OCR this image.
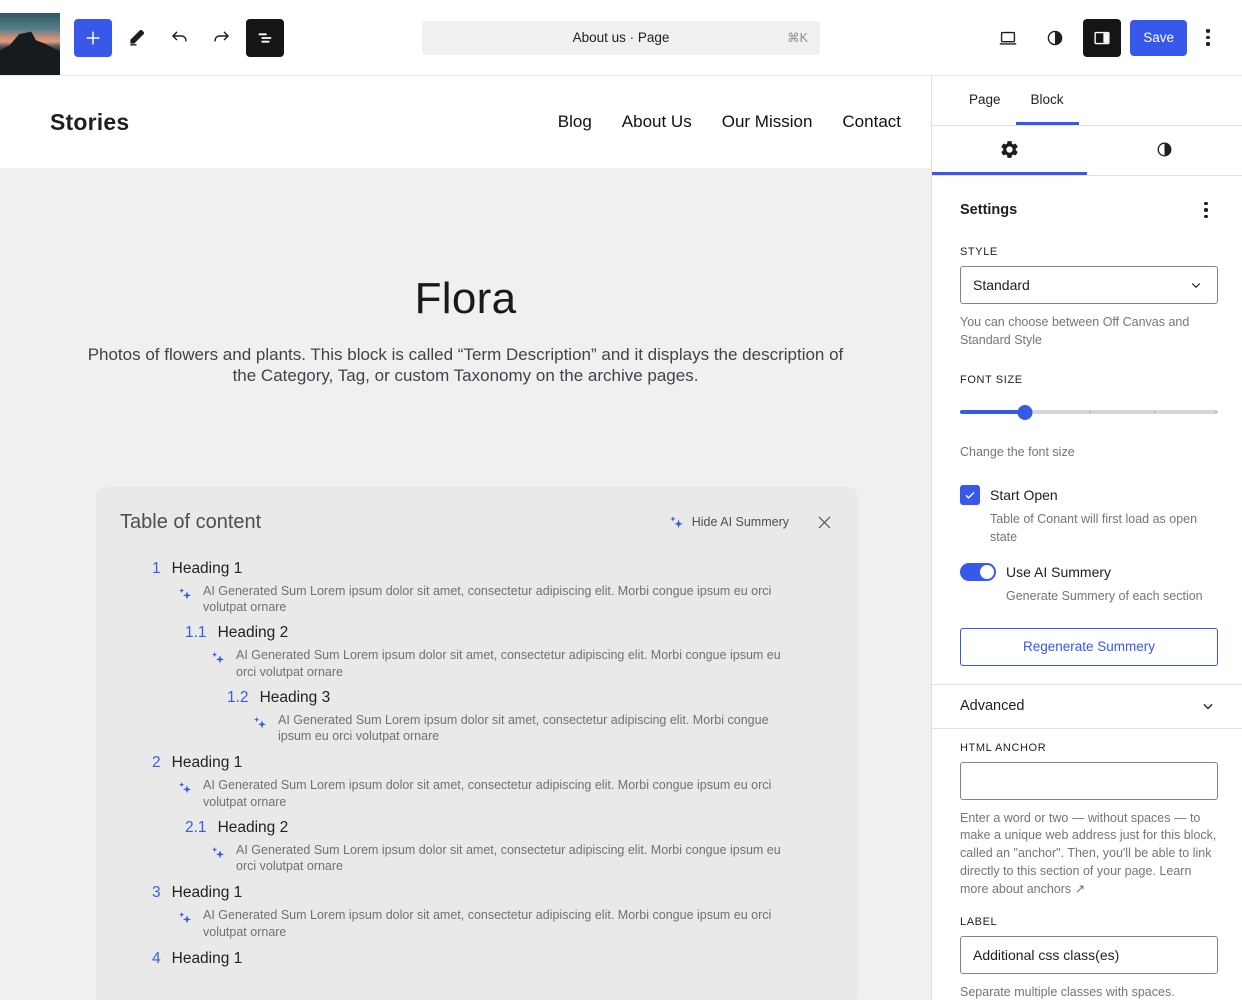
About us · Page	⌘K	Save
Stories	Blog About Us Our Mission Contact
Flora
Photos of flowers and plants. This block is called “Term Description” and it displays the description of the Category, Tag, or custom Taxonomy on the archive pages.
Table of content	Hide AI Summery
1 Heading 1
AI Generated Sum Lorem ipsum dolor sit amet, consectetur adipiscing elit. Morbi congue ipsum eu orci volutpat ornare
1.1 Heading 2
AI Generated Sum Lorem ipsum dolor sit amet, consectetur adipiscing elit. Morbi congue ipsum eu orci volutpat ornare
1.2 Heading 3
AI Generated Sum Lorem ipsum dolor sit amet, consectetur adipiscing elit. Morbi congue ipsum eu orci volutpat ornare
2 Heading 1
AI Generated Sum Lorem ipsum dolor sit amet, consectetur adipiscing elit. Morbi congue ipsum eu orci volutpat ornare
2.1 Heading 2
AI Generated Sum Lorem ipsum dolor sit amet, consectetur adipiscing elit. Morbi congue ipsum eu orci volutpat ornare
3 Heading 1
AI Generated Sum Lorem ipsum dolor sit amet, consectetur adipiscing elit. Morbi congue ipsum eu orci volutpat ornare
4 Heading 1
Page	Block
Settings
STYLE
Standard
You can choose between Off Canvas and Standard Style
FONT SIZE
Change the font size
Start Open
Table of Conant will first load as open state
Use AI Summery
Generate Summery of each section
Regenerate Summery
Advanced
HTML ANCHOR
Enter a word or two — without spaces — to make a unique web address just for this block, called an "anchor". Then, you'll be able to link directly to this section of your page. Learn more about anchors ↗
LABEL
Additional css class(es)
Separate multiple classes with spaces.
